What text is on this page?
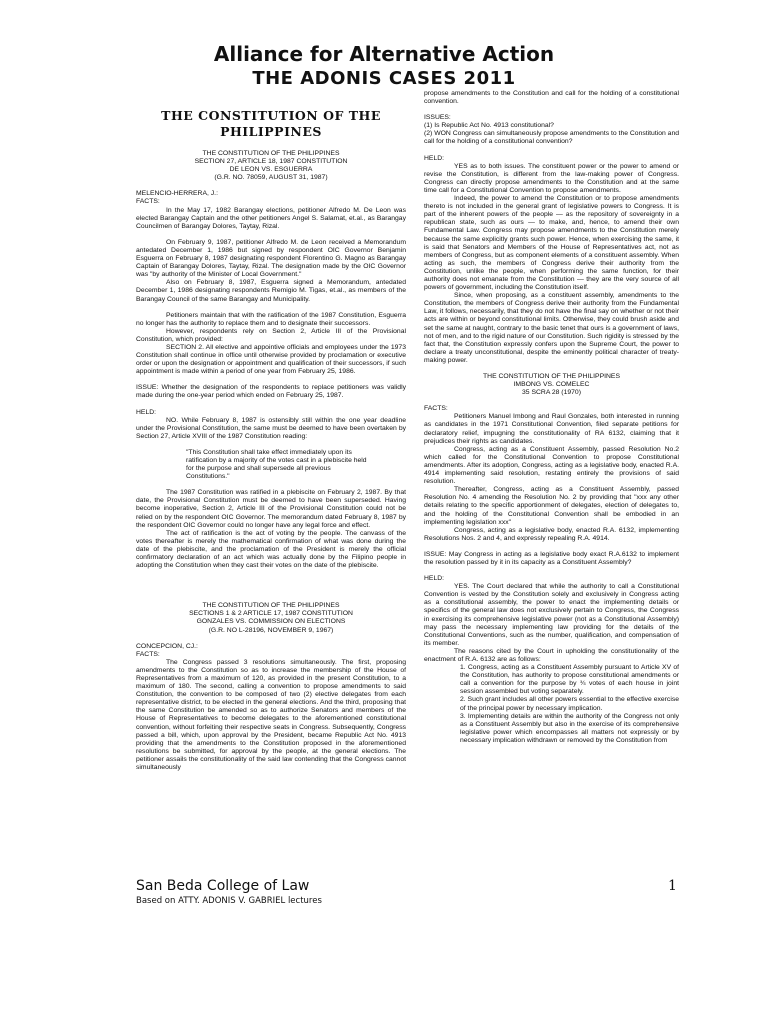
Alliance for Alternative Action
THE ADONIS CASES 2011

THE CONSTITUTION OF THE PHILIPPINES

THE CONSTITUTION OF THE PHILIPPINES

SECTION 27, ARTICLE 18, 1987 CONSTITUTION

DE LEON VS. ESGUERRA

(G.R. NO. 78059, AUGUST 31, 1987)

MELENCIO-HERRERA, J.:

FACTS:

In the May 17, 1982 Barangay elections, petitioner Alfredo M. De Leon was elected Barangay Captain and the other petitioners Angel S. Salamat, et.al., as Barangay Councilmen of Barangay Dolores, Taytay, Rizal.

On February 9, 1987, petitioner Alfredo M. de Leon received a Memorandum antedated December 1, 1986 but signed by respondent OIC Governor Benjamin Esguerra on February 8, 1987 designating respondent Florentino G. Magno as Barangay Captain of Barangay Dolores, Taytay, Rizal. The designation made by the OIC Governor was "by authority of the Minister of Local Government."

Also on February 8, 1987, Esguerra signed a Memorandum, antedated December 1, 1986 designating respondents Remigio M. Tigas, et.al., as members of the Barangay Council of the same Barangay and Municipality.

Petitioners maintain that with the ratification of the 1987 Constitution, Esguerra no longer has the authority to replace them and to designate their successors.

However, respondents rely on Section 2, Article III of the Provisional Constitution, which provided:

SECTION 2. All elective and appointive officials and employees under the 1973 Constitution shall continue in office until otherwise provided by proclamation or executive order or upon the designation or appointment and qualification of their successors, if such appointment is made within a period of one year from February 25, 1986.

ISSUE: Whether the designation of the respondents to replace petitioners was validly made during the one-year period which ended on February 25, 1987.

HELD:

NO. While February 8, 1987 is ostensibly still within the one year deadline under the Provisional Constitution, the same must be deemed to have been overtaken by Section 27, Article XVIII of the 1987 Constitution reading:

"This Constitution shall take effect immediately upon its ratification by a majority of the votes cast in a plebiscite held for the purpose and shall supersede all previous Constitutions."

The 1987 Constitution was ratified in a plebiscite on February 2, 1987. By that date, the Provisional Constitution must be deemed to have been superseded. Having become inoperative, Section 2, Article III of the Provisional Constitution could not be relied on by the respondent OIC Governor. The memorandum dated February 8, 1987 by the respondent OIC Governor could no longer have any legal force and effect.

The act of ratification is the act of voting by the people. The canvass of the votes thereafter is merely the mathematical confirmation of what was done during the date of the plebiscite, and the proclamation of the President is merely the official confirmatory declaration of an act which was actually done by the Filipino people in adopting the Constitution when they cast their votes on the date of the plebiscite.

THE CONSTITUTION OF THE PHILIPPINES

SECTIONS 1 & 2 ARTICLE 17, 1987 CONSTITUTION

GONZALES VS. COMMISSION ON ELECTIONS

(G.R. NO L-28196, NOVEMBER 9, 1967)

CONCEPCION, CJ.:

FACTS:

The Congress passed 3 resolutions simultaneously. The first, proposing amendments to the Constitution so as to increase the membership of the House of Representatives from a maximum of 120, as provided in the present Constitution, to a maximum of 180. The second, calling a convention to propose amendments to said Constitution, the convention to be composed of two (2) elective delegates from each representative district, to be elected in the general elections. And the third, proposing that the same Constitution be amended so as to authorize Senators and members of the House of Representatives to become delegates to the aforementioned constitutional convention, without forfeiting their respective seats in Congress. Subsequently, Congress passed a bill, which, upon approval by the President, became Republic Act No. 4913 providing that the amendments to the Constitution proposed in the aforementioned resolutions be submitted, for approval by the people, at the general elections. The petitioner assails the constitutionality of the said law contending that the Congress cannot simultaneously

propose amendments to the Constitution and call for the holding of a constitutional convention.

ISSUES:

(1) Is Republic Act No. 4913 constitutional?

(2) WON Congress can simultaneously propose amendments to the Constitution and call for the holding of a constitutional convention?

HELD:

YES as to both issues. The constituent power or the power to amend or revise the Constitution, is different from the law-making power of Congress. Congress can directly propose amendments to the Constitution and at the same time call for a Constitutional Convention to propose amendments.

Indeed, the power to amend the Constitution or to propose amendments thereto is not included in the general grant of legislative powers to Congress. It is part of the inherent powers of the people — as the repository of sovereignty in a republican state, such as ours — to make, and, hence, to amend their own Fundamental Law. Congress may propose amendments to the Constitution merely because the same explicitly grants such power. Hence, when exercising the same, it is said that Senators and Members of the House of Representatives act, not as members of Congress, but as component elements of a constituent assembly. When acting as such, the members of Congress derive their authority from the Constitution, unlike the people, when performing the same function, for their authority does not emanate from the Constitution — they are the very source of all powers of government, including the Constitution itself.

Since, when proposing, as a constituent assembly, amendments to the Constitution, the members of Congress derive their authority from the Fundamental Law, it follows, necessarily, that they do not have the final say on whether or not their acts are within or beyond constitutional limits. Otherwise, they could brush aside and set the same at naught, contrary to the basic tenet that ours is a government of laws, not of men, and to the rigid nature of our Constitution. Such rigidity is stressed by the fact that, the Constitution expressly confers upon the Supreme Court, the power to declare a treaty unconstitutional, despite the eminently political character of treaty-making power.

THE CONSTITUTION OF THE PHILIPPINES

IMBONG VS. COMELEC

35 SCRA 28 (1970)

FACTS:

Petitioners Manuel Imbong and Raul Gonzales, both interested in running as candidates in the 1971 Constitutional Convention, filed separate petitions for declaratory relief, impugning the constitutionality of RA 6132, claiming that it prejudices their rights as candidates.

Congress, acting as a Constituent Assembly, passed Resolution No.2 which called for the Constitutional Convention to propose Constitutional amendments. After its adoption, Congress, acting as a legislative body, enacted R.A. 4914 implementing said resolution, restating entirely the provisions of said resolution.

Thereafter, Congress, acting as a Constituent Assembly, passed Resolution No. 4 amending the Resolution No. 2 by providing that "xxx any other details relating to the specific apportionment of delegates, election of delegates to, and the holding of the Constitutional Convention shall be embodied in an implementing legislation xxx"

Congress, acting as a legislative body, enacted R.A. 6132, implementing Resolutions Nos. 2 and 4, and expressly repealing R.A. 4914.

ISSUE: May Congress in acting as a legislative body exact R.A.6132 to implement the resolution passed by it in its capacity as a Constituent Assembly?

HELD:

YES. The Court declared that while the authority to call a Constitutional Convention is vested by the Constitution solely and exclusively in Congress acting as a constitutional assembly, the power to enact the implementing details or specifics of the general law does not exclusively pertain to Congress, the Congress in exercising its comprehensive legislative power (not as a Constitutional Assembly) may pass the necessary implementing law providing for the details of the Constitutional Conventions, such as the number, qualification, and compensation of its member.

The reasons cited by the Court in upholding the constitutionality of the enactment of R.A. 6132 are as follows:

1. Congress, acting as a Constituent Assembly pursuant to Article XV of the Constitution, has authority to propose constitutional amendments or call a convention for the purpose by ¾ votes of each house in joint session assembled but voting separately.

2. Such grant includes all other powers essential to the effective exercise of the principal power by necessary implication.

3. Implementing details are within the authority of the Congress not only as a Constituent Assembly but also in the exercise of its comprehensive legislative power which encompasses all matters not expressly or by necessary implication withdrawn or removed by the Constitution from

San Beda College of Law
Based on ATTY. ADONIS V. GABRIEL lectures
1
